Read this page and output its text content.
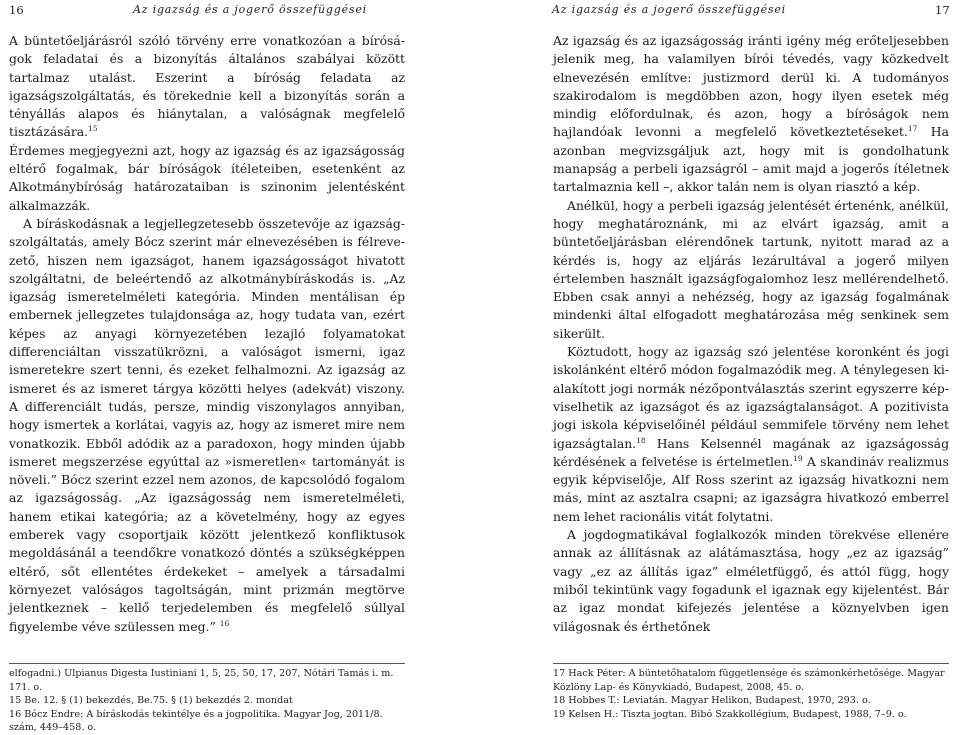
16	Az igazság és a jogerő összefüggései

A büntetőeljárásról szóló törvény erre vonatkozóan a bíróságok feladatai és a bizonyítás általános szabályai között tartalmaz utalást. Eszerint a bíróság feladata az igazságszolgáltatás, és törekednie kell a bizonyítás során a tényállás alapos és hiánytalan, a valóságnak megfelelő tisztázására.$^{15}$

Érdemes megjegyezni azt, hogy az igazság és az igazságosság eltérő fogalmak, bár bíróságok ítéleteiben, esetenként az Alkotmánybíróság határozataiban is szinonim jelentésként alkalmazzák.

A bíráskodásnak a legjellegzetesebb összetevője az igazságszolgáltatás, amely Bócz szerint már elnevezésében is félrevezető, hiszen nem igazságot, hanem igazságosságot hivatott szolgáltatni, de beleértendő az alkotmánybíráskodás is. „Az igazság ismeretelméleti kategória. Minden mentálisan ép embernek jellegzetes tulajdonsága az, hogy tudata van, ezért képes az anyagi környezetében lezajló folyamatokat differenciáltan visszatükrözni, a valóságot ismerni, igaz ismeretekre szert tenni, és ezeket felhalmozni. Az igazság az ismeret és az ismeret tárgya közötti helyes (adekvát) viszony. A differenciált tudás, persze, mindig viszonylagos annyiban, hogy ismertek a korlátai, vagyis az, hogy az ismeret mire nem vonatkozik. Ebből adódik az a paradoxon, hogy minden újabb ismeret megszerzése egyúttal az »ismeretlen« tartományát is növeli.” Bócz szerint ezzel nem azonos, de kapcsolódó fogalom az igazságosság. „Az igazságosság nem ismeretelméleti, hanem etikai kategória; az a követelmény, hogy az egyes emberek vagy csoportjaik között jelentkező konfliktusok megoldásánál a teendőkre vonatkozó döntés a szükségképpen eltérő, sőt ellentétes érdekeket – amelyek a társadalmi környezet valóságos tagoltságán, mint prizmán megtörve jelentkeznek – kellő terjedelemben és megfelelő súllyal figyelembe véve szülessen meg.” $^{16}$

elfogadni.) Ulpianus Digesta Iustiniani 1, 5, 25, 50, 17, 207, Nótári Tamás i. m. 171. o.
15 Be. 12. § (1) bekezdés, Be.75. § (1) bekezdés 2. mondat
16 Bócz Endre: A bíráskodás tekintélye és a jogpolitika. Magyar Jog, 2011/8. szám, 449–458. o.
Az igazság és a jogerő összefüggései	17

Az igazság és az igazságosság iránti igény még erőteljesebben jelenik meg, ha valamilyen bírói tévedés, vagy közkedvelt elnevezésén említve: justizmord derül ki. A tudományos szakirodalom is megdöbben azon, hogy ilyen esetek még mindig előfordulnak, és azon, hogy a bíróságok nem hajlandóak levonni a megfelelő következtetéseket.$^{17}$ Ha azonban megvizsgáljuk azt, hogy mit is gondolhatunk manapság a perbeli igazságról – amit majd a jogerős ítéletnek tartalmaznia kell –, akkor talán nem is olyan riasztó a kép.

Anélkül, hogy a perbeli igazság jelentését értenénk, anélkül, hogy meghatároznánk, mi az elvárt igazság, amit a büntetőeljárásban elérendőnek tartunk, nyitott marad az a kérdés is, hogy az eljárás lezárultával a jogerő milyen értelemben használt igazságfogalomhoz lesz mellérendelhető. Ebben csak annyi a nehézség, hogy az igazság fogalmának mindenki által elfogadott meghatározása még senkinek sem sikerült.

Köztudott, hogy az igazság szó jelentése koronként és jogi iskolánként eltérő módon fogalmazódik meg. A ténylegesen kialakított jogi normák nézőpontválasztás szerint egyszerre képviselhetik az igazságot és az igazságtalanságot. A pozitivista jogi iskola képviselőinél például semmifele törvény nem lehet igazságtalan.$^{18}$ Hans Kelsennél magának az igazságosság kérdésének a felvetése is értelmetlen.$^{19}$ A skandináv realizmus egyik képviselője, Alf Ross szerint az igazság hivatkozni nem más, mint az asztalra csapni; az igazságra hivatkozó emberrel nem lehet racionális vitát folytatni.

A jogdogmatikával foglalkozók minden törekvése ellenére annak az állításnak az alátámasztása, hogy „ez az igazság” vagy „ez az állítás igaz” elméletfüggő, és attól függ, hogy miből tekintünk vagy fogadunk el igaznak egy kijelentést. Bár az igaz mondat kifejezés jelentése a köznyelvben igen világosnak és érthetőnek

17 Hack Péter: A büntetőhatalom függetlensége és számonkérhetősége. Magyar Közlöny Lap- és Könyvkiadó, Budapest, 2008, 45. o.
18 Hobbes T.: Leviatán. Magyar Helikon, Budapest, 1970, 293. o.
19 Kelsen H.: Tiszta jogtan. Bibó Szakkollégium, Budapest, 1988, 7–9. o.
